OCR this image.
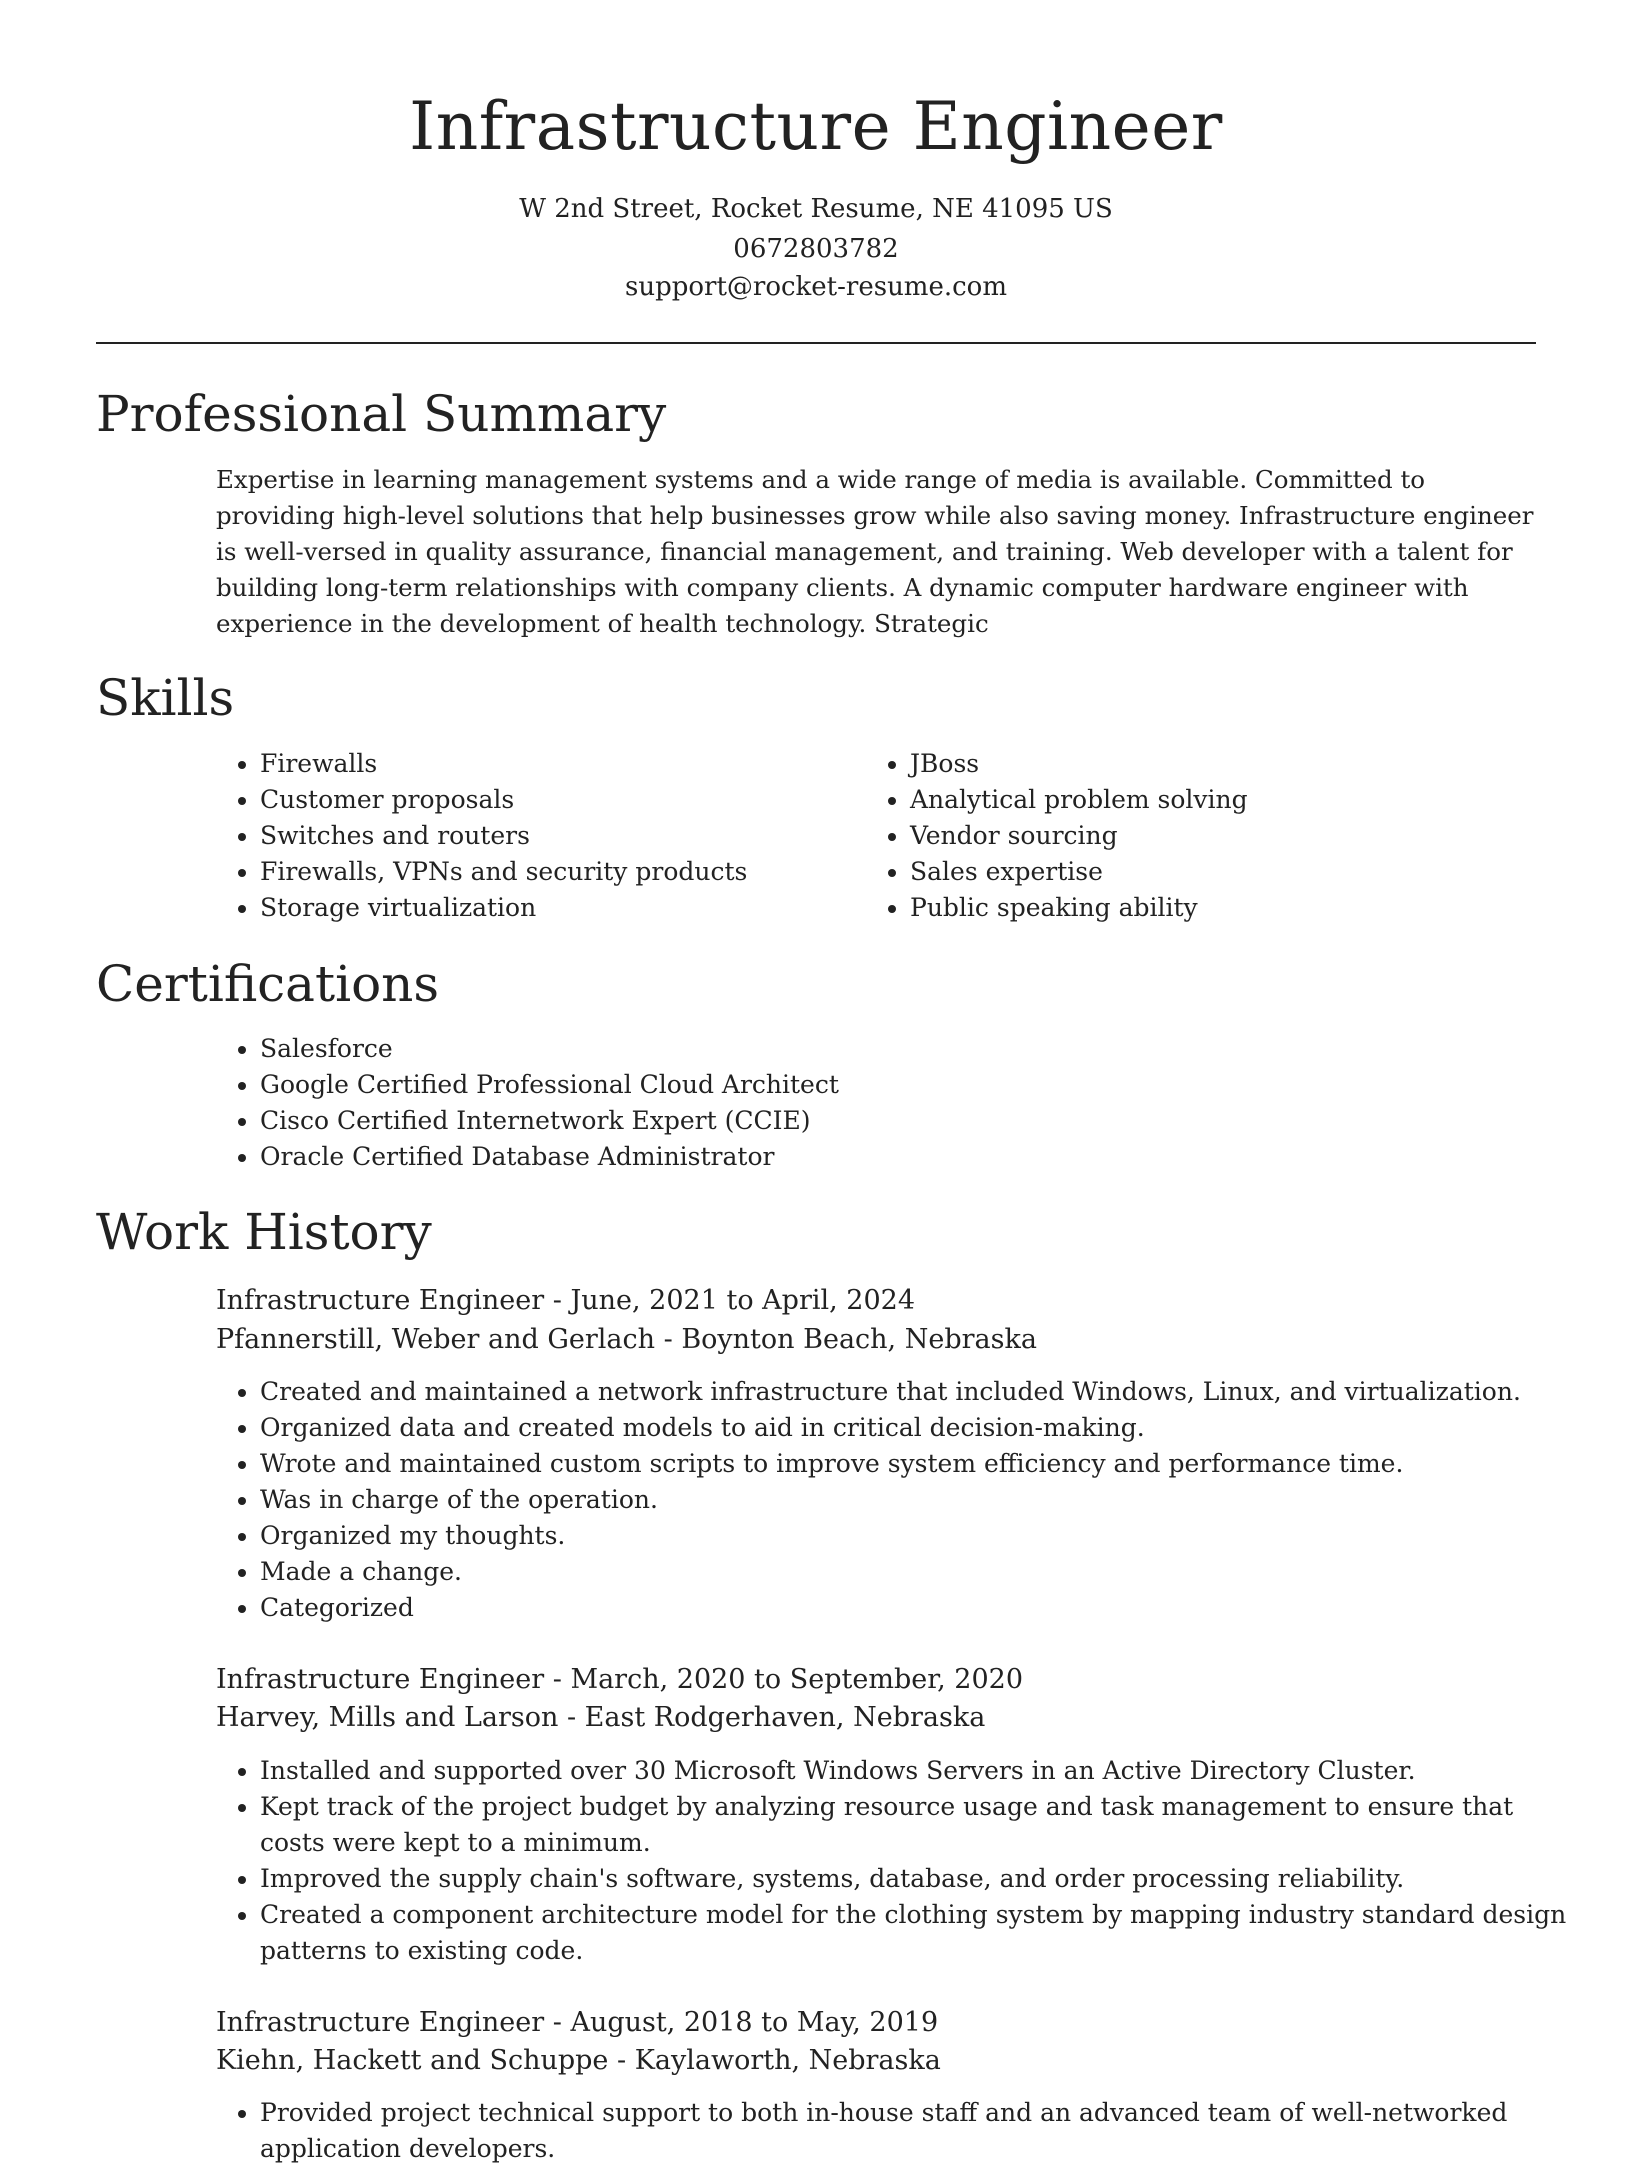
Infrastructure Engineer
W 2nd Street, Rocket Resume, NE 41095 US
0672803782
support@rocket-resume.com
Professional Summary

Expertise in learning management systems and a wide range of media is available. Committed to providing high-level solutions that help businesses grow while also saving money. Infrastructure engineer is well-versed in quality assurance, financial management, and training. Web developer with a talent for building long-term relationships with company clients. A dynamic computer hardware engineer with experience in the development of health technology. Strategic

Skills
• Firewalls
• Customer proposals
• Switches and routers
• Firewalls, VPNs and security products
• Storage virtualization
• JBoss
• Analytical problem solving
• Vendor sourcing
• Sales expertise
• Public speaking ability
Certifications
• Salesforce
• Google Certified Professional Cloud Architect
• Cisco Certified Internetwork Expert (CCIE)
• Oracle Certified Database Administrator
Work History
Infrastructure Engineer - June, 2021 to April, 2024
Pfannerstill, Weber and Gerlach - Boynton Beach, Nebraska
• Created and maintained a network infrastructure that included Windows, Linux, and virtualization.
• Organized data and created models to aid in critical decision-making.
• Wrote and maintained custom scripts to improve system efficiency and performance time.
• Was in charge of the operation.
• Organized my thoughts.
• Made a change.
• Categorized
Infrastructure Engineer - March, 2020 to September, 2020
Harvey, Mills and Larson - East Rodgerhaven, Nebraska
• Installed and supported over 30 Microsoft Windows Servers in an Active Directory Cluster.
• Kept track of the project budget by analyzing resource usage and task management to ensure that costs were kept to a minimum.
• Improved the supply chain's software, systems, database, and order processing reliability.
• Created a component architecture model for the clothing system by mapping industry standard design patterns to existing code.
Infrastructure Engineer - August, 2018 to May, 2019
Kiehn, Hackett and Schuppe - Kaylaworth, Nebraska
• Provided project technical support to both in-house staff and an advanced team of well-networked application developers.
